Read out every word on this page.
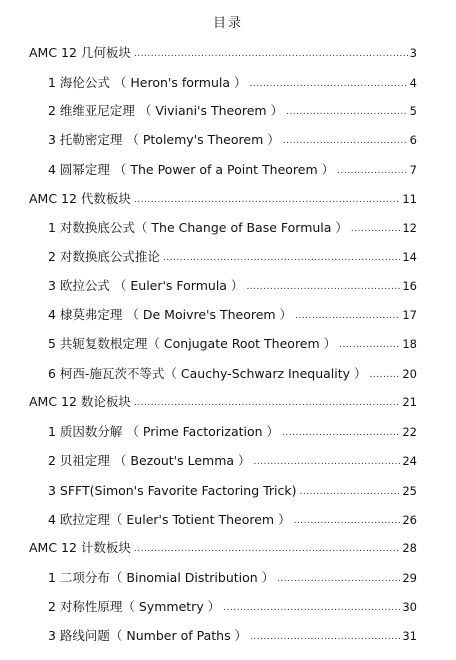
目录
AMC 12 几何板块 .....	3
1 海伦公式 （ Heron's formula ） .....	4
2 维维亚尼定理 （ Viviani's Theorem ） .....	5
3 托勒密定理 （ Ptolemy's Theorem ） .....	6
4 圆幂定理 （ The Power of a Point Theorem ） .....	7
AMC 12 代数板块 .....	11
1 对数换底公式（ The Change of Base Formula ） .....	12
2 对数换底公式推论 .....	14
3 欧拉公式 （ Euler's Formula ） .....	16
4 棣莫弗定理 （ De Moivre's Theorem ） .....	17
5 共轭复数根定理（ Conjugate Root Theorem ） .....	18
6 柯西-施瓦茨不等式（ Cauchy-Schwarz Inequality ） .....	20
AMC 12 数论板块 .....	21
1 质因数分解 （ Prime Factorization ） .....	22
2 贝祖定理 （ Bezout's Lemma ） .....	24
3 SFFT(Simon's Favorite Factoring Trick) .....	25
4 欧拉定理（ Euler's Totient Theorem ） .....	26
AMC 12 计数板块 .....	28
1 二项分布（ Binomial Distribution ） .....	29
2 对称性原理（ Symmetry ） .....	30
3 路线问题（ Number of Paths ） .....	31
